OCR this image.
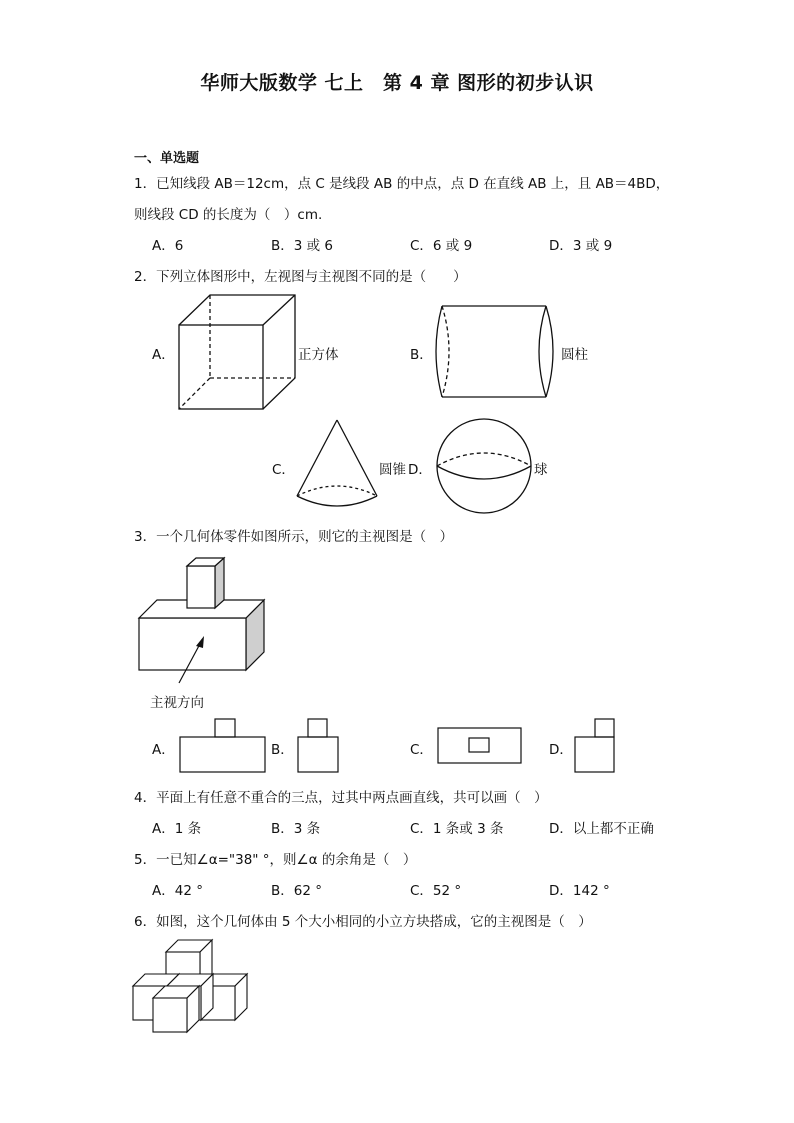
华师大版数学 七上　第 4 章 图形的初步认识
一、单选题
1．已知线段 AB＝12cm，点 C 是线段 AB 的中点，点 D 在直线 AB 上，且 AB＝4BD，
则线段 CD 的长度为（　）cm.
A．6	B．3 或 6	C．6 或 9	D．3 或 9
2．下列立体图形中，左视图与主视图不同的是（　　）
A．	正方体	B．	圆柱
C．	圆锥 D．	球
3．一个几何体零件如图所示，则它的主视图是（　）
主视方向
A．	B．	C．	D．
4．平面上有任意不重合的三点，过其中两点画直线，共可以画（　）
A．1 条	B．3 条	C．1 条或 3 条	D．以上都不正确
5．一已知∠α="38" °，则∠α 的余角是（　）
A．42 °	B．62 °	C．52 °	D．142 °
6．如图，这个几何体由 5 个大小相同的小立方块搭成，它的主视图是（　）
